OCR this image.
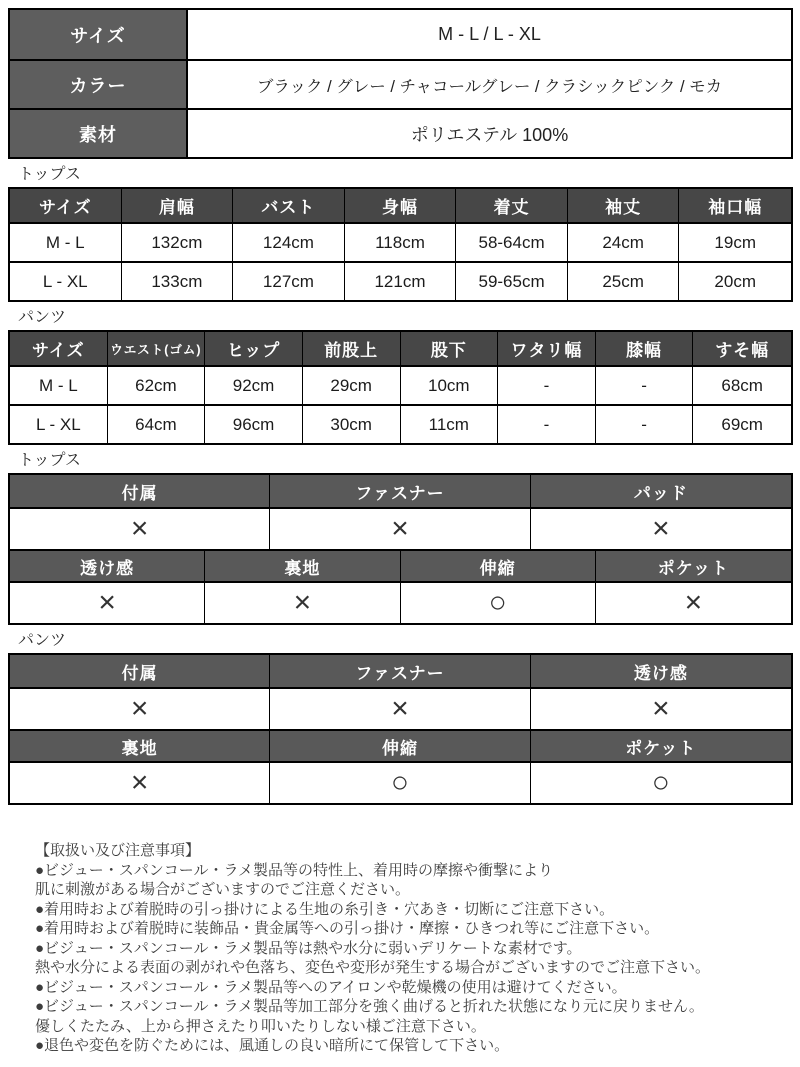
サイズ	M - L / L - XL
カラー	ブラック / グレー / チャコールグレー / クラシックピンク / モカ
素材	ポリエステル 100%
トップス
サイズ	肩幅	バスト	身幅	着丈	袖丈	袖口幅
M - L	132cm	124cm	118cm	58-64cm	24cm	19cm
L - XL	133cm	127cm	121cm	59-65cm	25cm	20cm
パンツ
サイズ	ウエスト(ゴム)	ヒップ	前股上	股下	ワタリ幅	膝幅	すそ幅
M - L	62cm	92cm	29cm	10cm	-	-	68cm
L - XL	64cm	96cm	30cm	11cm	-	-	69cm
トップス
付属	ファスナー	パッド
×	×	×
透け感	裏地	伸縮	ポケット
×	×	○	×
パンツ
付属	ファスナー	透け感
×	×	×
裏地	伸縮	ポケット
×	○	○
【取扱い及び注意事項】
●ビジュー・スパンコール・ラメ製品等の特性上、着用時の摩擦や衝撃により
肌に刺激がある場合がございますのでご注意ください。
●着用時および着脱時の引っ掛けによる生地の糸引き・穴あき・切断にご注意下さい。
●着用時および着脱時に装飾品・貴金属等への引っ掛け・摩擦・ひきつれ等にご注意下さい。
●ビジュー・スパンコール・ラメ製品等は熱や水分に弱いデリケートな素材です。
熱や水分による表面の剥がれや色落ち、変色や変形が発生する場合がございますのでご注意下さい。
●ビジュー・スパンコール・ラメ製品等へのアイロンや乾燥機の使用は避けてください。
●ビジュー・スパンコール・ラメ製品等加工部分を強く曲げると折れた状態になり元に戻りません。
優しくたたみ、上から押さえたり叩いたりしない様ご注意下さい。
●退色や変色を防ぐためには、風通しの良い暗所にて保管して下さい。
